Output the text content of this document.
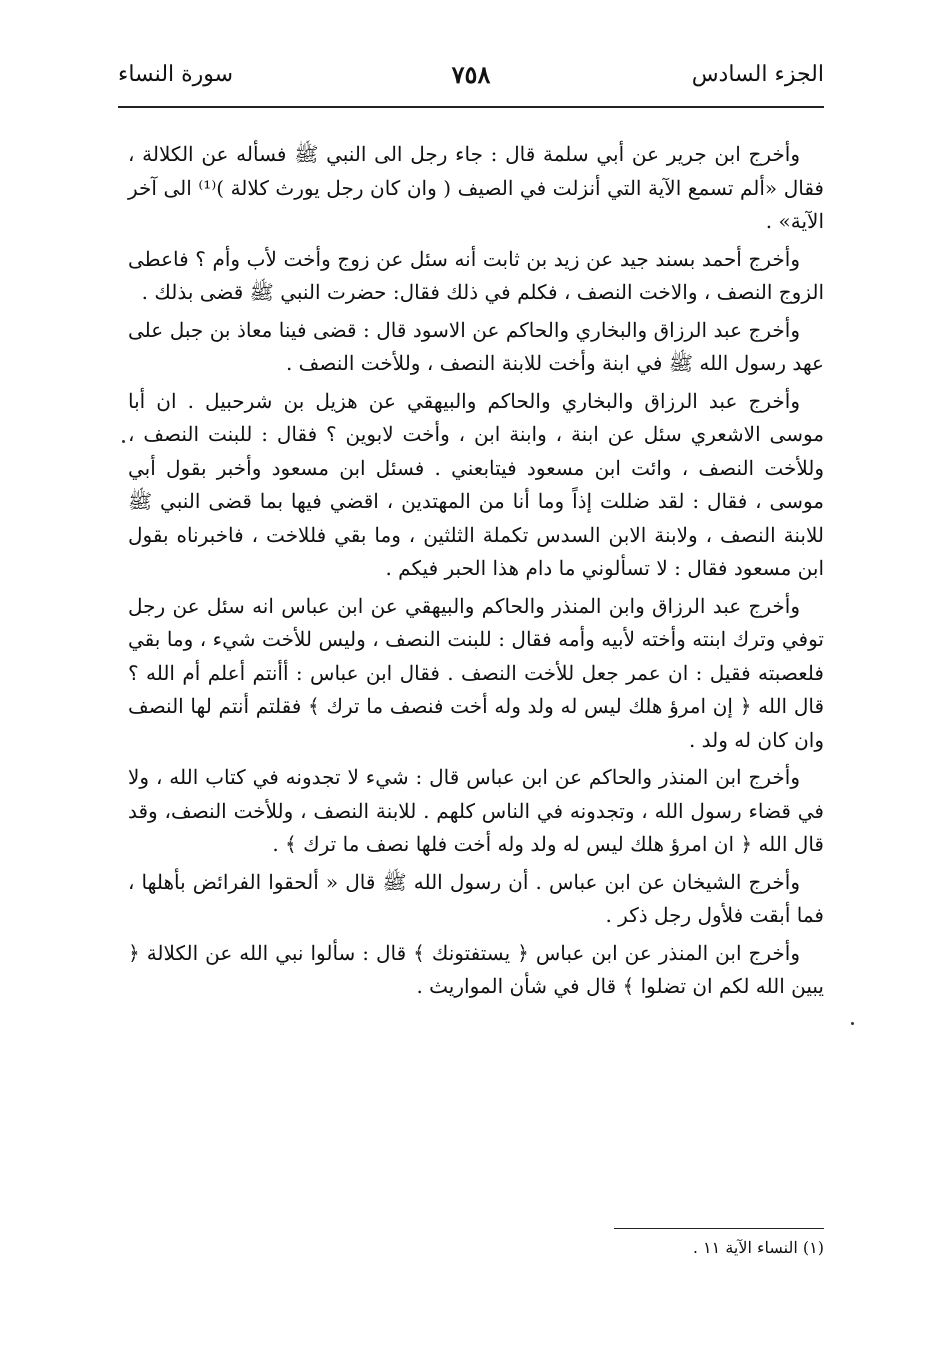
سورة النساء	٧٥٨	الجزء السادس

وأخرج ابن جرير عن أبي سلمة قال : جاء رجل الى النبي ﷺ فسأله عن الكلالة ، فقال «ألم تسمع الآية التي أنزلت في الصيف ( وان كان رجل يورث كلالة )⁽¹⁾ الى آخر الآية» .

وأخرج أحمد بسند جيد عن زيد بن ثابت أنه سئل عن زوج وأخت لأب وأم ؟ فاعطى الزوج النصف ، والاخت النصف ، فكلم في ذلك فقال: حضرت النبي ﷺ قضى بذلك .

وأخرج عبد الرزاق والبخاري والحاكم عن الاسود قال : قضى فينا معاذ بن جبل على عهد رسول الله ﷺ في ابنة وأخت للابنة النصف ، وللأخت النصف .

وأخرج عبد الرزاق والبخاري والحاكم والبيهقي عن هزيل بن شرحبيل . ان أبا موسى الاشعري سئل عن ابنة ، وابنة ابن ، وأخت لابوين ؟ فقال : للبنت النصف ، وللأخت النصف ، وائت ابن مسعود فيتابعني . فسئل ابن مسعود وأخبر بقول أبي موسى ، فقال : لقد ضللت إذاً وما أنا من المهتدين ، اقضي فيها بما قضى النبي ﷺ للابنة النصف ، ولابنة الابن السدس تكملة الثلثين ، وما بقي فللاخت ، فاخبرناه بقول ابن مسعود فقال : لا تسألوني ما دام هذا الحبر فيكم .

وأخرج عبد الرزاق وابن المنذر والحاكم والبيهقي عن ابن عباس انه سئل عن رجل توفي وترك ابنته وأخته لأبيه وأمه فقال : للبنت النصف ، وليس للأخت شيء ، وما بقي فلعصبته فقيل : ان عمر جعل للأخت النصف . فقال ابن عباس : أأنتم أعلم أم الله ؟ قال الله ﴿ إن امرؤ هلك ليس له ولد وله أخت فنصف ما ترك ﴾ فقلتم أنتم لها النصف وان كان له ولد .

وأخرج ابن المنذر والحاكم عن ابن عباس قال : شيء لا تجدونه في كتاب الله ، ولا في قضاء رسول الله ، وتجدونه في الناس كلهم . للابنة النصف ، وللأخت النصف، وقد قال الله ﴿ ان امرؤ هلك ليس له ولد وله أخت فلها نصف ما ترك ﴾ .

وأخرج الشيخان عن ابن عباس . أن رسول الله ﷺ قال « ألحقوا الفرائض بأهلها ، فما أبقت فلأول رجل ذكر .

وأخرج ابن المنذر عن ابن عباس ﴿ يستفتونك ﴾ قال : سألوا نبي الله عن الكلالة ﴿ يبين الله لكم ان تضلوا ﴾ قال في شأن المواريث .

(١) النساء الآية ١١ .
